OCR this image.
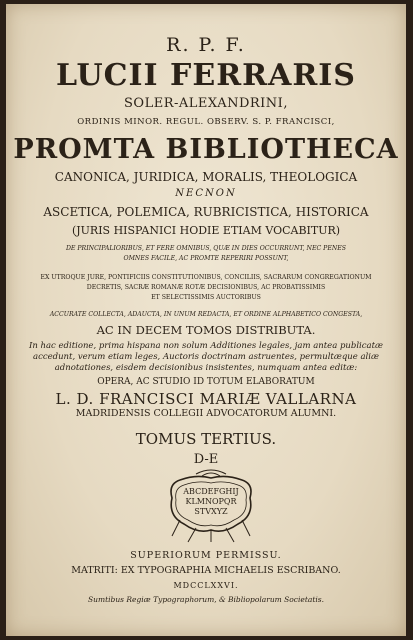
R. P. F.
LUCII FERRARIS
SOLER-ALEXANDRINI,
ORDINIS MINOR. REGUL. OBSERV. S. P. FRANCISCI,
PROMTA BIBLIOTHECA
CANONICA, JURIDICA, MORALIS, THEOLOGICA
NECNON
ASCETICA, POLEMICA, RUBRICISTICA, HISTORICA
(JURIS HISPANICI HODIE ETIAM VOCABITUR)
DE PRINCIPALIORIBUS, ET FERE OMNIBUS, QUÆ IN DIES OCCURRUNT, NEC PENES
OMNES FACILE, AC PROMTE REPERIRI POSSUNT,
EX UTROQUE JURE, PONTIFICIIS CONSTITUTIONIBUS, CONCILIIS, SACRARUM CONGREGATIONUM
DECRETIS, SACRÆ ROMANÆ ROTÆ DECISIONIBUS, AC PROBATISSIMIS
ET SELECTISSIMIS AUCTORIBUS
ACCURATE COLLECTA, ADAUCTA, IN UNUM REDACTA, ET ORDINE ALPHABETICO CONGESTA,
AC IN DECEM TOMOS DISTRIBUTA.
In hac editione, prima hispana non solum Additiones legales, jam antea publicatæ
accedunt, verum etiam leges, Auctoris doctrinam astruentes, permultæque aliæ
adnotationes, eisdem decisionibus insistentes, numquam antea editæ:
OPERA, AC STUDIO ID TOTUM ELABORATUM
L. D. FRANCISCI MARIÆ VALLARNA
MADRIDENSIS COLLEGII ADVOCATORUM ALUMNI.
TOMUS TERTIUS.
D-E
ABCDEFGHIJ
KLMNOPQR
STVXYZ
SUPERIORUM PERMISSU.
MATRITI: EX TYPOGRAPHIA MICHAELIS ESCRIBANO.
MDCCLXXVI.
Sumtibus Regiæ Typographorum, & Bibliopolarum Societatis.
